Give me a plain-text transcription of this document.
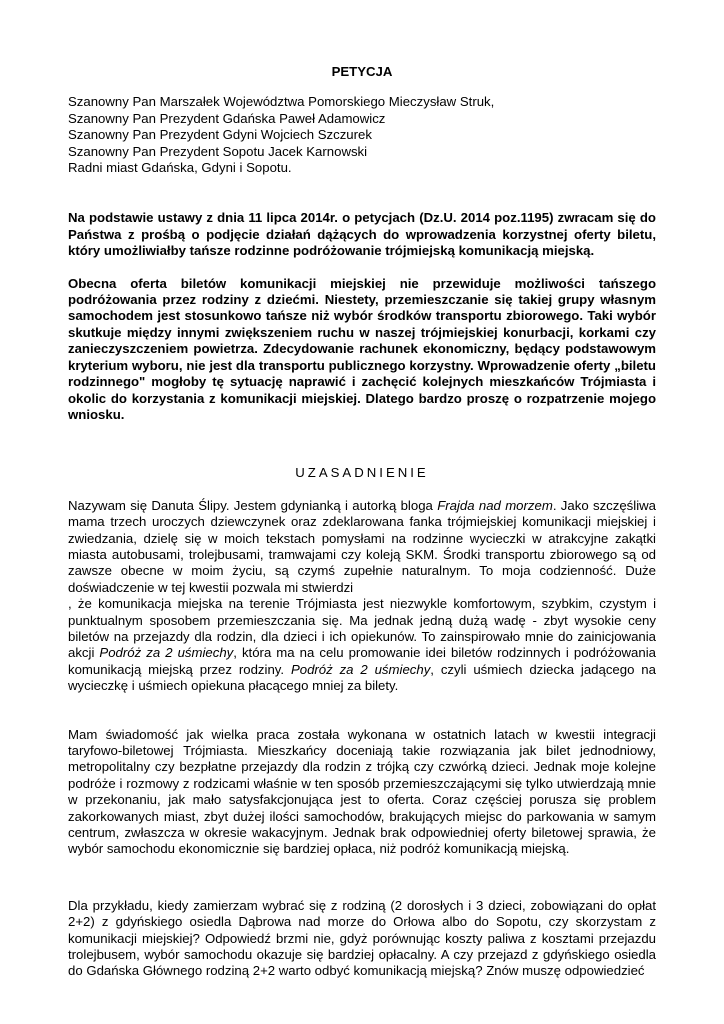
PETYCJA
Szanowny Pan Marszałek Województwa Pomorskiego Mieczysław Struk,
Szanowny Pan Prezydent Gdańska Paweł Adamowicz
Szanowny Pan Prezydent Gdyni Wojciech Szczurek
Szanowny Pan Prezydent Sopotu Jacek Karnowski
Radni miast Gdańska, Gdyni i Sopotu.

Na podstawie ustawy z dnia 11 lipca 2014r. o petycjach (Dz.U. 2014 poz.1195) zwracam się do Państwa z prośbą o podjęcie działań dążących do wprowadzenia korzystnej oferty biletu, który umożliwiałby tańsze rodzinne podróżowanie trójmiejską komunikacją miejską.

Obecna oferta biletów komunikacji miejskiej nie przewiduje możliwości tańszego podróżowania przez rodziny z dziećmi. Niestety, przemieszczanie się takiej grupy własnym samochodem jest stosunkowo tańsze niż wybór środków transportu zbiorowego. Taki wybór skutkuje między innymi zwiększeniem ruchu w naszej trójmiejskiej konurbacji, korkami czy zanieczyszczeniem powietrza. Zdecydowanie rachunek ekonomiczny, będący podstawowym kryterium wyboru, nie jest dla transportu publicznego korzystny. Wprowadzenie oferty „biletu rodzinnego" mogłoby tę sytuację naprawić i zachęcić kolejnych mieszkańców Trójmiasta i okolic do korzystania z komunikacji miejskiej. Dlatego bardzo proszę o rozpatrzenie mojego wniosku.

UZASADNIENIE

Nazywam się Danuta Ślipy. Jestem gdynianką i autorką bloga Frajda nad morzem. Jako szczęśliwa mama trzech uroczych dziewczynek oraz zdeklarowana fanka trójmiejskiej komunikacji miejskiej i zwiedzania, dzielę się w moich tekstach pomysłami na rodzinne wycieczki w atrakcyjne zakątki miasta autobusami, trolejbusami, tramwajami czy koleją SKM. Środki transportu zbiorowego są od zawsze obecne w moim życiu, są czymś zupełnie naturalnym. To moja codzienność. Duże doświadczenie w tej kwestii pozwala mi stwierdzi
, że komunikacja miejska na terenie Trójmiasta jest niezwykle komfortowym, szybkim, czystym i punktualnym sposobem przemieszczania się. Ma jednak jedną dużą wadę - zbyt wysokie ceny biletów na przejazdy dla rodzin, dla dzieci i ich opiekunów. To zainspirowało mnie do zainicjowania akcji Podróż za 2 uśmiechy, która ma na celu promowanie idei biletów rodzinnych i podróżowania komunikacją miejską przez rodziny. Podróż za 2 uśmiechy, czyli uśmiech dziecka jadącego na wycieczkę i uśmiech opiekuna płacącego mniej za bilety.

Mam świadomość jak wielka praca została wykonana w ostatnich latach w kwestii integracji taryfowo-biletowej Trójmiasta. Mieszkańcy doceniają takie rozwiązania jak bilet jednodniowy, metropolitalny czy bezpłatne przejazdy dla rodzin z trójką czy czwórką dzieci. Jednak moje kolejne podróże i rozmowy z rodzicami właśnie w ten sposób przemieszczającymi się tylko utwierdzają mnie w przekonaniu, jak mało satysfakcjonująca jest to oferta. Coraz częściej porusza się problem zakorkowanych miast, zbyt dużej ilości samochodów, brakujących miejsc do parkowania w samym centrum, zwłaszcza w okresie wakacyjnym. Jednak brak odpowiedniej oferty biletowej sprawia, że wybór samochodu ekonomicznie się bardziej opłaca, niż podróż komunikacją miejską.

Dla przykładu, kiedy zamierzam wybrać się z rodziną (2 dorosłych i 3 dzieci, zobowiązani do opłat 2+2) z gdyńskiego osiedla Dąbrowa nad morze do Orłowa albo do Sopotu, czy skorzystam z komunikacji miejskiej? Odpowiedź brzmi nie, gdyż porównując koszty paliwa z kosztami przejazdu trolejbusem, wybór samochodu okazuje się bardziej opłacalny. A czy przejazd z gdyńskiego osiedla do Gdańska Głównego rodziną 2+2 warto odbyć komunikacją miejską? Znów muszę odpowiedzieć
